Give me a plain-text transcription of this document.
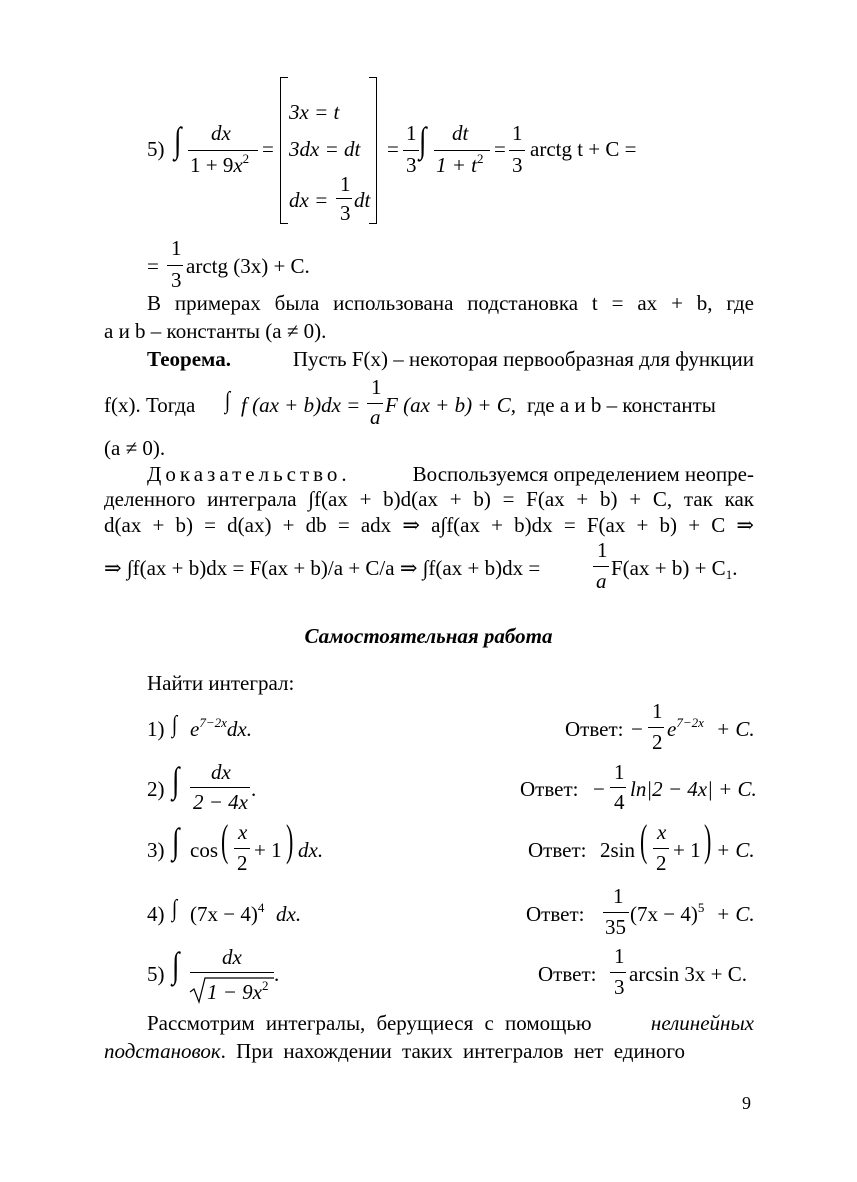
5) ∫ dx
$1 + 9x^2$ =
3x = t
3dx = dt
dx =
1
3
dt
=
1
3
∫ dt
$1 + t^2$ =
1
3
arctg t + C =
=
1
3
arctg (3x) + C.
В примерах была использована подстановка t = ax + b, где
a и b – константы (a ≠ 0).
Теорема.	Пусть F(x) – некоторая первообразная для функции
f(x). Тогда ∫ f (ax + b)dx =
1
a F (ax + b) + C, где a и b – константы
(a ≠ 0).
Доказательство.	Воспользуемся определением неопре-
деленного интеграла ∫f(ax + b)d(ax + b) = F(ax + b) + C, так как
d(ax + b) = d(ax) + db = adx ⇒ a∫f(ax + b)dx = F(ax + b) + C ⇒
⇒ ∫f(ax + b)dx = F(ax + b)/a + C/a ⇒ ∫f(ax + b)dx =
1
a
F(ax + b) + C1.
Самостоятельная работа
Найти интеграл:
1) ∫ $e^{7-2x}dx$.	Ответ: −
1
2
$e^{7-2x} + C$.
2) ∫ dx
2 − 4x
.	Ответ: −
1
4
ln|2 − 4x| + C.
3) ∫ cos ( x
2
+ 1 ) dx.	Ответ: 2sin ( x
2
+ 1 ) + C.
4) ∫ $(7x - 4)^4$ dx.	Ответ:
1
35
$(7x - 4)^5 + C$.
5) ∫ dx
$1 - 9x^2$ .	Ответ:
1
3
arcsin 3x + C.
Рассмотрим интегралы, берущиеся с помощью	нелинейных
подстановок . При нахождении таких интегралов нет единого
9
